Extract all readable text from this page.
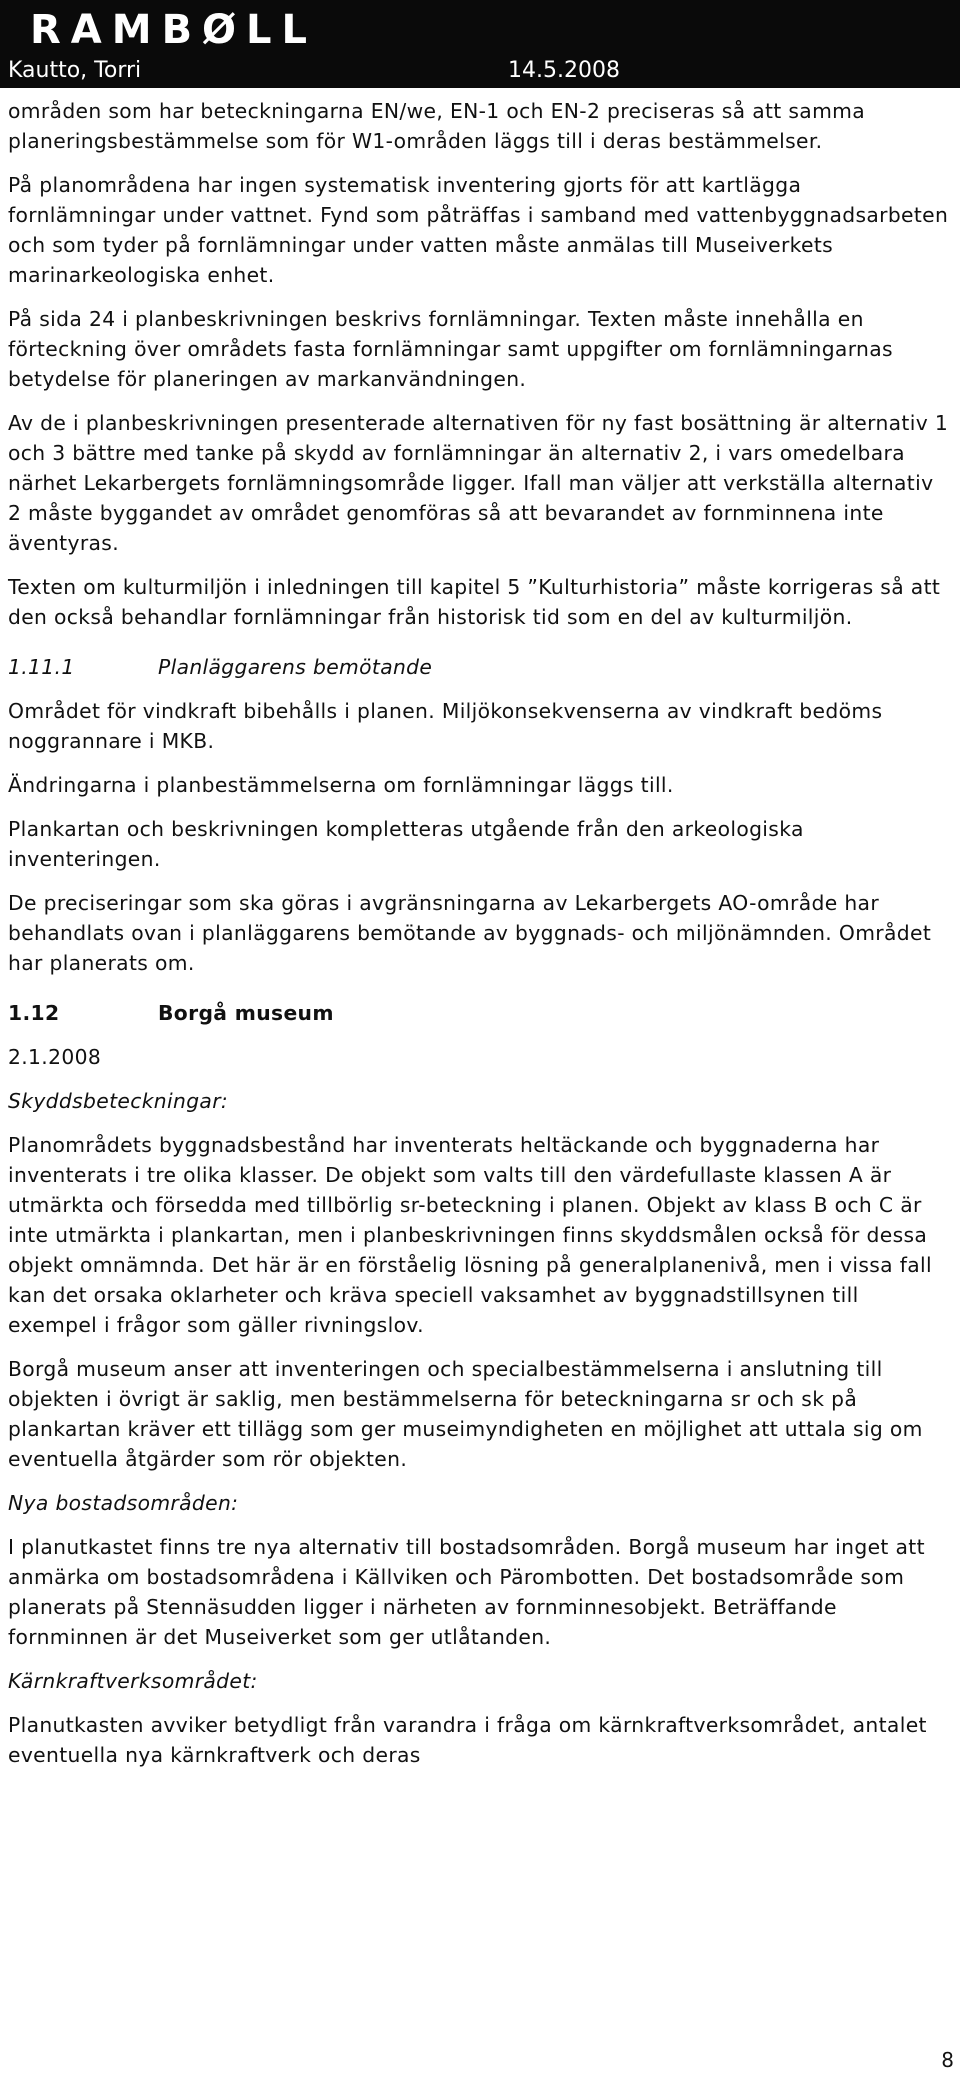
RAMBØLL
Kautto, Torri	14.5.2008

områden som har beteckningarna EN/we, EN-1 och EN-2 preciseras så att samma planeringsbestämmelse som för W1-områden läggs till i deras bestämmelser.

På planområdena har ingen systematisk inventering gjorts för att kartlägga fornlämningar under vattnet. Fynd som påträffas i samband med vattenbyggnadsarbeten och som tyder på fornlämningar under vatten måste anmälas till Museiverkets marinarkeologiska enhet.

På sida 24 i planbeskrivningen beskrivs fornlämningar. Texten måste innehålla en förteckning över områdets fasta fornlämningar samt uppgifter om fornlämningarnas betydelse för planeringen av markanvändningen.

Av de i planbeskrivningen presenterade alternativen för ny fast bosättning är alternativ 1 och 3 bättre med tanke på skydd av fornlämningar än alternativ 2, i vars omedelbara närhet Lekarbergets fornlämningsområde ligger. Ifall man väljer att verkställa alternativ 2 måste byggandet av området genomföras så att bevarandet av fornminnena inte äventyras.

Texten om kulturmiljön i inledningen till kapitel 5 ”Kulturhistoria” måste korrigeras så att den också behandlar fornlämningar från historisk tid som en del av kulturmiljön.

1.11.1	Planläggarens bemötande

Området för vindkraft bibehålls i planen. Miljökonsekvenserna av vindkraft bedöms noggrannare i MKB.

Ändringarna i planbestämmelserna om fornlämningar läggs till.

Plankartan och beskrivningen kompletteras utgående från den arkeologiska inventeringen.

De preciseringar som ska göras i avgränsningarna av Lekarbergets AO-område har behandlats ovan i planläggarens bemötande av byggnads- och miljönämnden. Området har planerats om.

1.12	Borgå museum

2.1.2008

Skyddsbeteckningar:

Planområdets byggnadsbestånd har inventerats heltäckande och byggnaderna har inventerats i tre olika klasser. De objekt som valts till den värdefullaste klassen A är utmärkta och försedda med tillbörlig sr-beteckning i planen. Objekt av klass B och C är inte utmärkta i plankartan, men i planbeskrivningen finns skyddsmålen också för dessa objekt omnämnda. Det här är en förståelig lösning på generalplanenivå, men i vissa fall kan det orsaka oklarheter och kräva speciell vaksamhet av byggnadstillsynen till exempel i frågor som gäller rivningslov.

Borgå museum anser att inventeringen och specialbestämmelserna i anslutning till objekten i övrigt är saklig, men bestämmelserna för beteckningarna sr och sk på plankartan kräver ett tillägg som ger museimyndigheten en möjlighet att uttala sig om eventuella åtgärder som rör objekten.

Nya bostadsområden:

I planutkastet finns tre nya alternativ till bostadsområden. Borgå museum har inget att anmärka om bostadsområdena i Källviken och Pärombotten. Det bostadsområde som planerats på Stennäsudden ligger i närheten av fornminnesobjekt. Beträffande fornminnen är det Museiverket som ger utlåtanden.

Kärnkraftverksområdet:

Planutkasten avviker betydligt från varandra i fråga om kärnkraftverksområdet, antalet eventuella nya kärnkraftverk och deras

8
